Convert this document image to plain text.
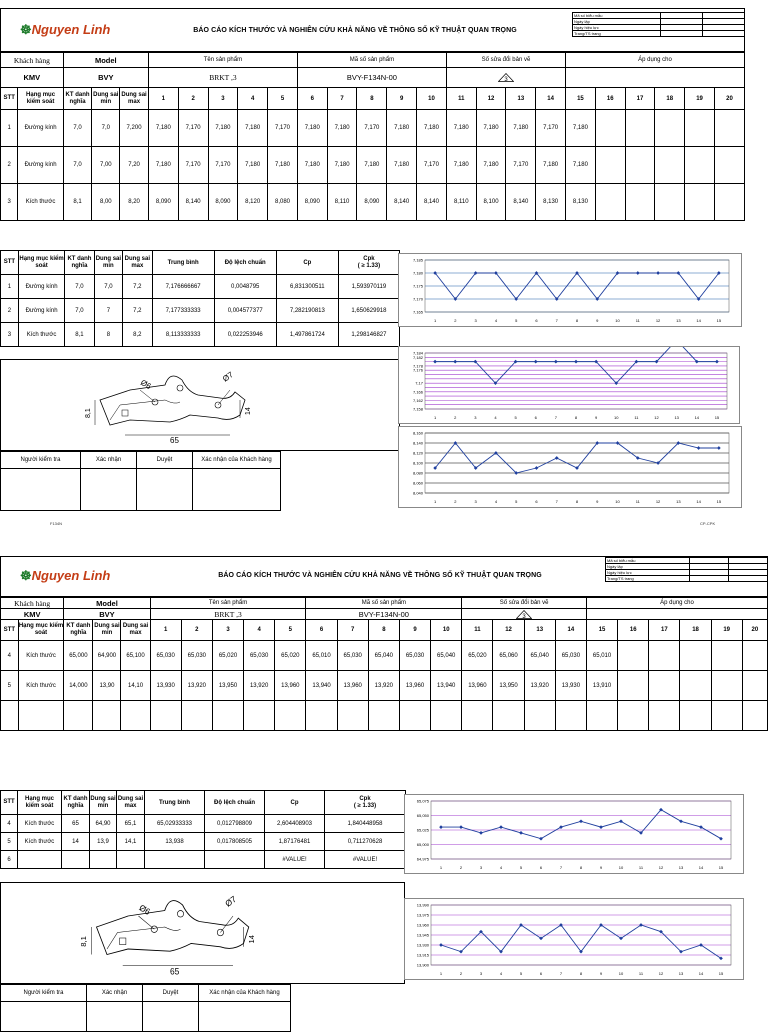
☸Nguyen Linh	BÁO CÁO KÍCH THƯỚC VÀ NGHIÊN CỨU KHẢ NĂNG VỀ THÔNG SỐ KỸ THUẬT QUAN TRỌNG
Mã số biểu mẫu		
Ngày lập		
Ngày hiệu lực		
Trang/TS trang		
Khách hàng		Model			Tên sản phẩm					Mã số sản phẩm					Số sửa đổi bản vẽ				Áp dụng cho					
KMV		BVY			BRKT ,3					BVY-F134N-00					3									

STT	Hạng mục kiểm soát	KT danh nghĩa	Dung sai min	Dung sai max	1	2	3	4	5	6	7	8	9	10	11	12	13	14	15	16	17	18	19	20
1	Đường kính	7,0	7,0	7,200	7,180	7,170	7,180	7,180	7,170	7,180	7,180	7,170	7,180	7,180	7,180	7,180	7,180	7,170	7,180					
2	Đường kính	7,0	7,00	7,20	7,180	7,170	7,170	7,180	7,180	7,180	7,180	7,180	7,180	7,170	7,180	7,180	7,170	7,180	7,180					
3	Kích thước	8,1	8,00	8,20	8,090	8,140	8,090	8,120	8,080	8,090	8,110	8,090	8,140	8,140	8,110	8,100	8,140	8,130	8,130					
STT	Hạng mục kiểm soát	KT danh nghĩa	Dung sai min	Dung sai max	Trung bình	Độ lệch chuẩn	Cp	Cpk
( ≥ 1.33)

1	Đường kính	7,0	7,0	7,2	7,176666667	0,0048795	6,831300511	1,593970119
2	Đường kính	7,0	7	7,2	7,177333333	0,004577377	7,282190813	1,650629918
3	Kích thước	8,1	8	8,2	8,113333333	0,022253946	1,497861724	1,298146827
Ø6
Ø7
8,1
65
14
Người kiểm tra	Xác nhận	Duyệt	Xác nhận của Khách hàng

7,185
7,180
7,175
7,170
7,165
1	2	3	4	5	6	7	8	9	10	11	12	13	14	15
7,184
7,182
7,178
7,176
7,17
7,166
7,162
7,158
1	2	3	4	5	6	7	8	9	10	11	12	13	14	15
8,160
8,140
8,120
8,100
8,080
8,060
8,040
1	2	3	4	5	6	7	8	9	10	11	12	13	14	15
F134N	CP-CPK
☸Nguyen Linh	BÁO CÁO KÍCH THƯỚC VÀ NGHIÊN CỨU KHẢ NĂNG VỀ THÔNG SỐ KỸ THUẬT QUAN TRỌNG
Mã số biểu mẫu		
Ngày lập		
Ngày hiệu lực		
Trang/TS trang		
Khách hàng		Model			Tên sản phẩm					Mã số sản phẩm					Số sửa đổi bản vẽ				Áp dụng cho					
KMV		BVY			BRKT ,3					BVY-F134N-00					3									

STT	Hạng mục kiểm soát	KT danh nghĩa	Dung sai min	Dung sai max	1	2	3	4	5	6	7	8	9	10	11	12	13	14	15	16	17	18	19	20
4	Kích thước	65,000	64,900	65,100	65,030	65,030	65,020	65,030	65,020	65,010	65,030	65,040	65,030	65,040	65,020	65,060	65,040	65,030	65,010					
5	Kích thước	14,000	13,90	14,10	13,930	13,920	13,950	13,920	13,960	13,940	13,960	13,920	13,960	13,940	13,960	13,950	13,920	13,930	13,910					

STT	Hạng mục kiểm soát	KT danh nghĩa	Dung sai min	Dung sai max	Trung bình	Độ lệch chuẩn	Cp	Cpk
( ≥ 1.33)

4	Kích thước	65	64,90	65,1	65,02933333	0,012798809	2,604408903	1,840448958
5	Kích thước	14	13,9	14,1	13,938	0,017808505	1,87176481	0,711270628
6							#VALUE!	#VALUE!
Ø6
Ø7
8,1
65
14
Người kiểm tra	Xác nhận	Duyệt	Xác nhận của Khách hàng

65,075
65,050
65,025
65,000
64,975
1	2	3	4	5	6	7	8	9	10	11	12	13	14	15
13,990
13,975
13,960
13,945
13,930
13,915
13,900
1	2	3	4	5	6	7	8	9	10	11	12	13	14	15
